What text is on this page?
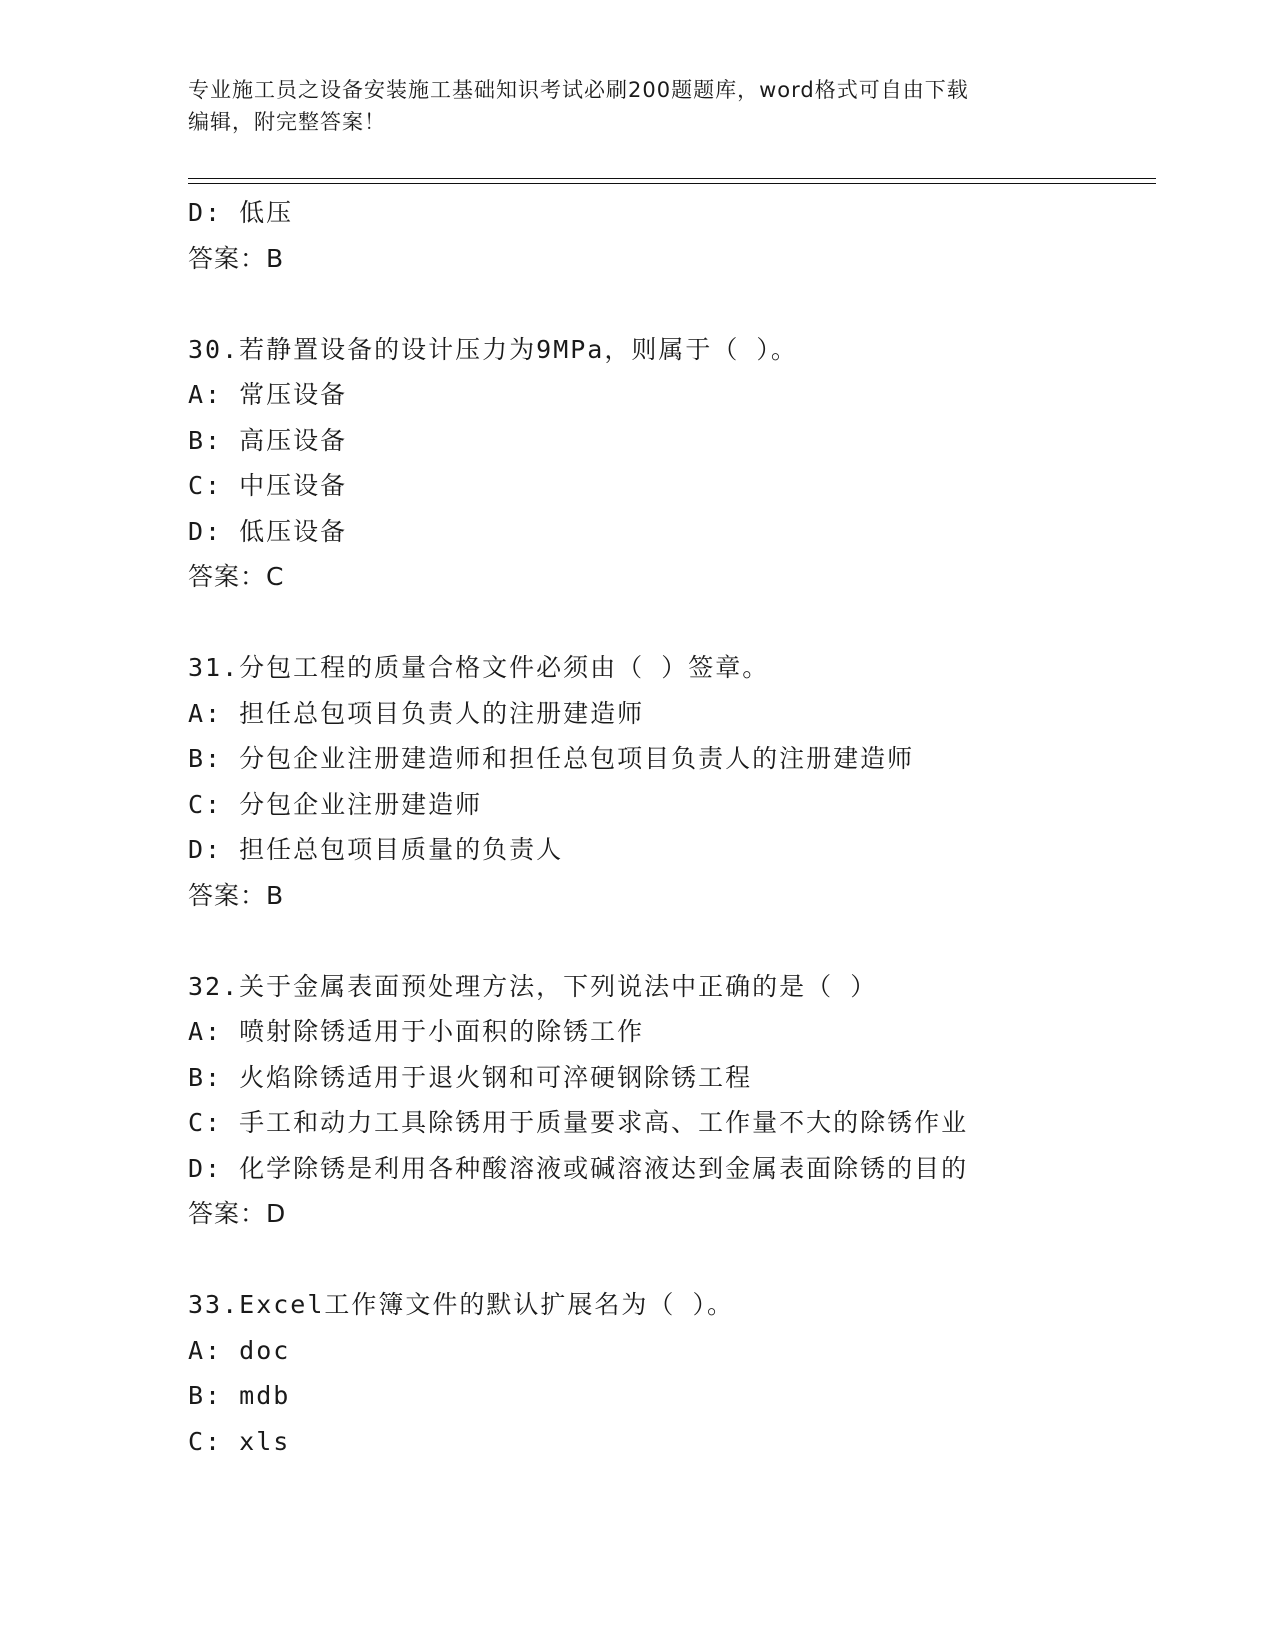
专业施工员之设备安装施工基础知识考试必刷200题题库，word格式可自由下载
编辑，附完整答案！
D: 低压
答案：B
30.若静置设备的设计压力为9MPa，则属于（ ）。
A: 常压设备
B: 高压设备
C: 中压设备
D: 低压设备
答案：C
31.分包工程的质量合格文件必须由（ ）签章。
A: 担任总包项目负责人的注册建造师
B: 分包企业注册建造师和担任总包项目负责人的注册建造师
C: 分包企业注册建造师
D: 担任总包项目质量的负责人
答案：B
32.关于金属表面预处理方法，下列说法中正确的是（ ）
A: 喷射除锈适用于小面积的除锈工作
B: 火焰除锈适用于退火钢和可淬硬钢除锈工程
C: 手工和动力工具除锈用于质量要求高、工作量不大的除锈作业
D: 化学除锈是利用各种酸溶液或碱溶液达到金属表面除锈的目的
答案：D
33.Excel工作簿文件的默认扩展名为（ ）。
A: doc
B: mdb
C: xls
